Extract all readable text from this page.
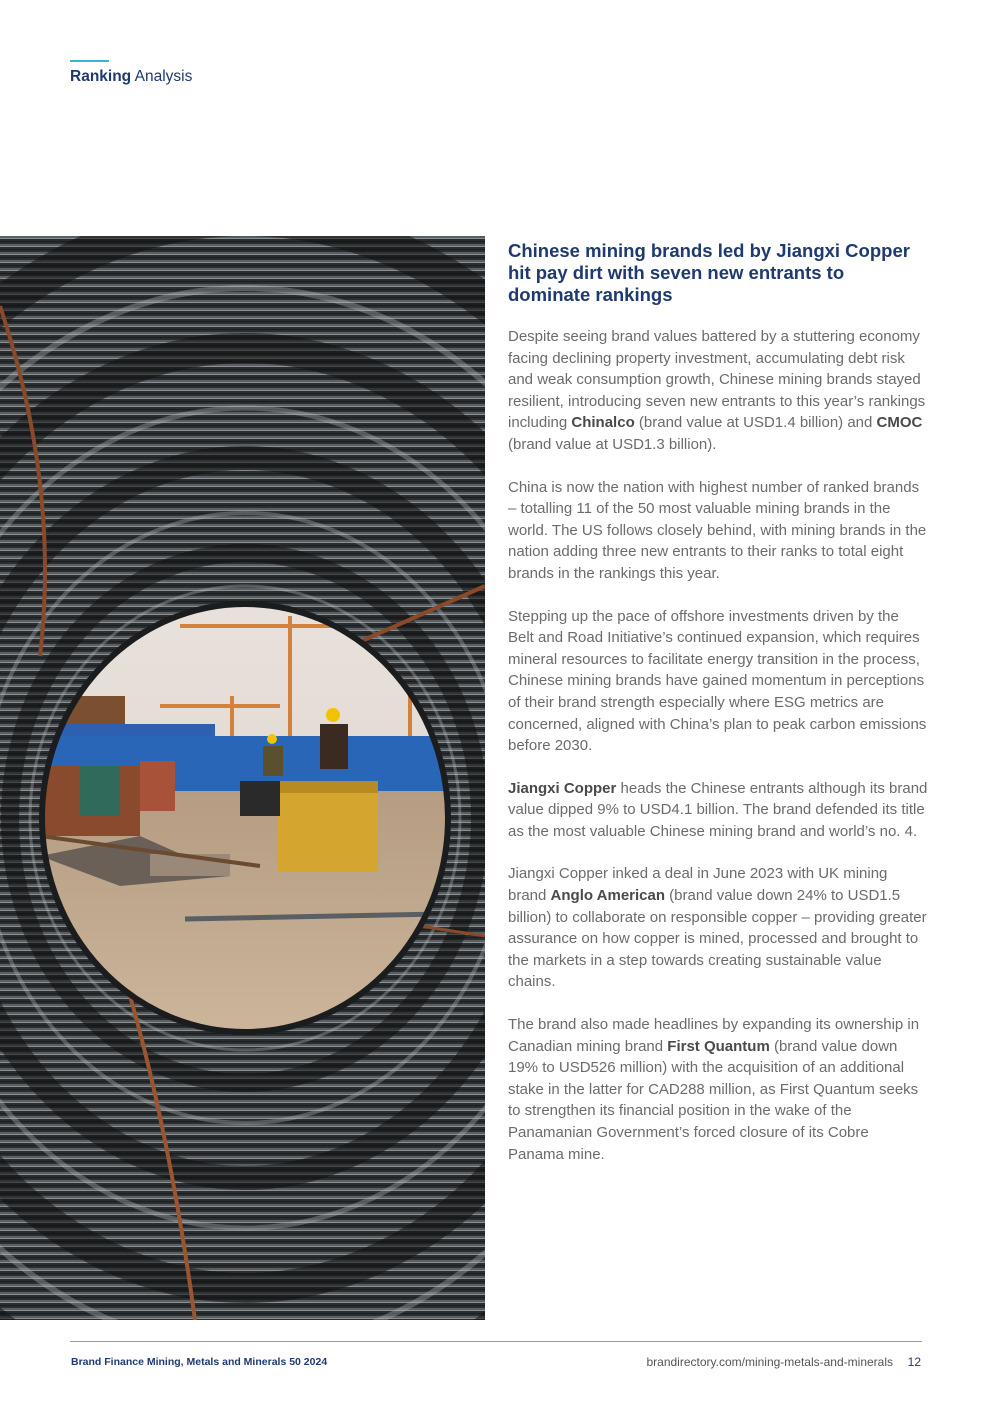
Ranking Analysis
Chinese mining brands led by Jiangxi Copper hit pay dirt with seven new entrants to dominate rankings

Despite seeing brand values battered by a stuttering economy facing declining property investment, accumulating debt risk and weak consumption growth, Chinese mining brands stayed resilient, introducing seven new entrants to this year’s rankings including Chinalco (brand value at USD1.4 billion) and CMOC (brand value at USD1.3 billion).

China is now the nation with highest number of ranked brands – totalling 11 of the 50 most valuable mining brands in the world. The US follows closely behind, with mining brands in the nation adding three new entrants to their ranks to total eight brands in the rankings this year.

Stepping up the pace of offshore investments driven by the Belt and Road Initiative’s continued expansion, which requires mineral resources to facilitate energy transition in the process, Chinese mining brands have gained momentum in perceptions of their brand strength especially where ESG metrics are concerned, aligned with China’s plan to peak carbon emissions before 2030.

Jiangxi Copper heads the Chinese entrants although its brand value dipped 9% to USD4.1 billion. The brand defended its title as the most valuable Chinese mining brand and world’s no. 4.

Jiangxi Copper inked a deal in June 2023 with UK mining brand Anglo American (brand value down 24% to USD1.5 billion) to collaborate on responsible copper – providing greater assurance on how copper is mined, processed and brought to the markets in a step towards creating sustainable value chains.

The brand also made headlines by expanding its ownership in Canadian mining brand First Quantum (brand value down 19% to USD526 million) with the acquisition of an additional stake in the latter for CAD288 million, as First Quantum seeks to strengthen its financial position in the wake of the Panamanian Government’s forced closure of its Cobre Panama mine.

Brand Finance Mining, Metals and Minerals 50 2024	brandirectory.com/mining-metals-and-minerals 12
